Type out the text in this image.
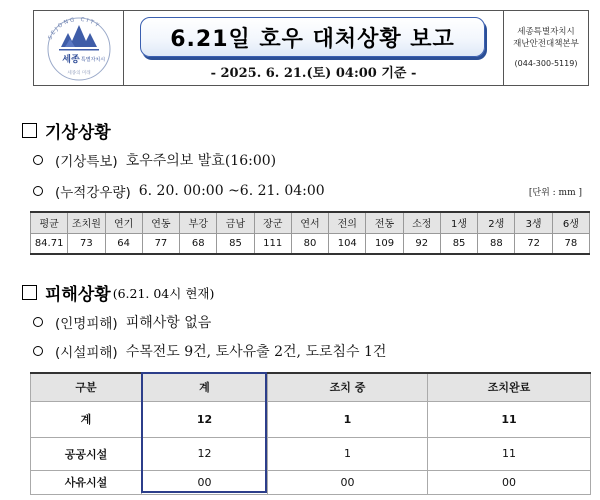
SEJONG CITY
세종 특별자치시
세종의 미래
6.21일 호우 대처상황 보고
- 2025. 6. 21.(토) 04:00 기준 -
세종특별자치시
재난안전대책본부
(044-300-5119)
기상상황
(기상특보) 호우주의보 발효(16:00)
(누적강우량) 6. 20. 00:00 ~6. 21. 04:00	[단위 : mm ]
평균	조치원	연기	연동	부강	금남	장군	연서	전의	전동	소정	1생	2생	3생	6생
84.71	73	64	77	68	85	111	80	104	109	92	85	88	72	78
피해상황 (6.21. 04시 현재)
(인명피해) 피해사항 없음
(시설피해) 수목전도 9건, 토사유출 2건, 도로침수 1건
구분	계	조치 중	조치완료
계	12	1	11
공공시설	12	1	11
사유시설	00	00	00
